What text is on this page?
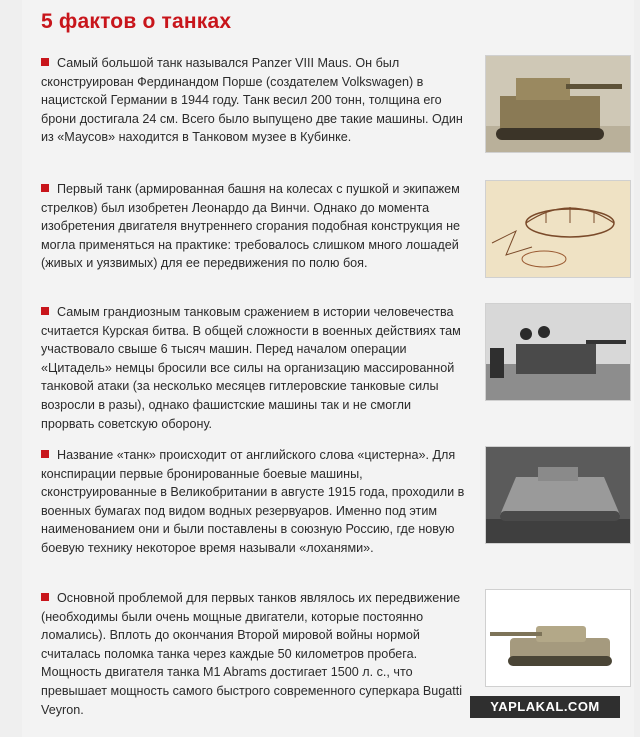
5 фактов о танках
Самый большой танк назывался Panzer VIII Maus. Он был сконструирован Фердинандом Порше (создателем Volkswagen) в нацистской Германии в 1944 году. Танк весил 200 тонн, толщина его брони достигала 24 см. Всего было выпущено две такие машины. Один из «Маусов» находится в Танковом музее в Кубинке.
Первый танк (армированная башня на колесах с пушкой и экипажем стрелков) был изобретен Леонардо да Винчи. Однако до момента изобретения двигателя внутреннего сгорания подобная конструкция не могла применяться на практике: требовалось слишком много лошадей (живых и уязвимых) для ее передвижения по полю боя.
Самым грандиозным танковым сражением в истории человечества считается Курская битва. В общей сложности в военных действиях там участвовало свыше 6 тысяч машин. Перед началом операции «Цитадель» немцы бросили все силы на организацию массированной танковой атаки (за несколько месяцев гитлеровские танковые силы возросли в разы), однако фашистские машины так и не смогли прорвать советскую оборону.
Название «танк» происходит от английского слова «цистерна». Для конспирации первые бронированные боевые машины, сконструированные в Великобритании в августе 1915 года, проходили в военных бумагах под видом водных резервуаров. Именно под этим наименованием они и были поставлены в союзную Россию, где новую боевую технику некоторое время называли «лоханями».
Основной проблемой для первых танков являлось их передвижение (необходимы были очень мощные двигатели, которые постоянно ломались). Вплоть до окончания Второй мировой войны нормой считалась поломка танка через каждые 50 километров пробега. Мощность двигателя танка M1 Abrams достигает 1500 л. с., что превышает мощность самого быстрого современного суперкара Bugatti Veyron.	YAPLAKAL.COM
